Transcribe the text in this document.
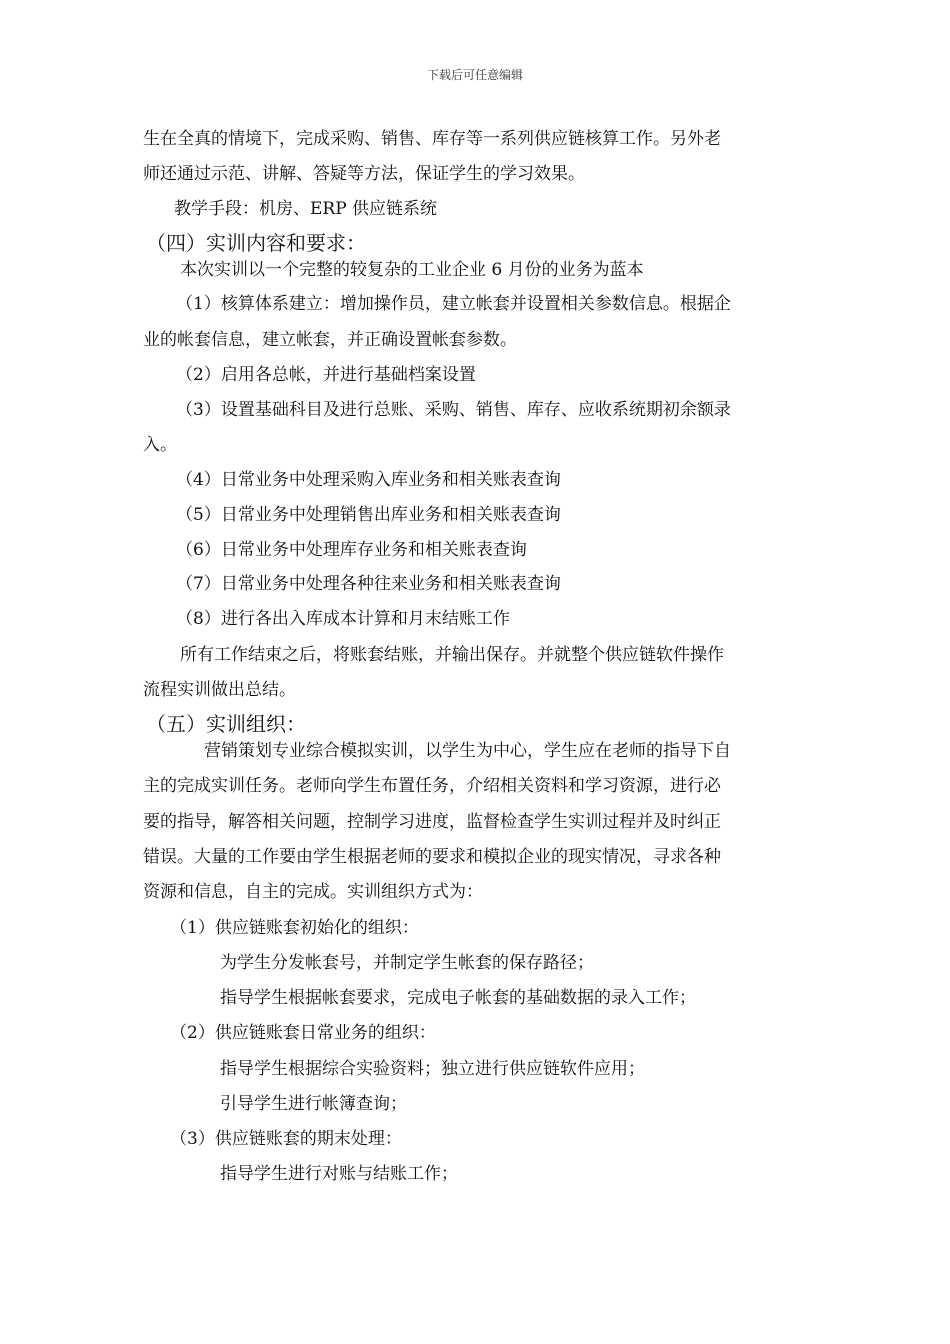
下载后可任意编辑
生在全真的情境下，完成采购、销售、库存等一系列供应链核算工作。另外老
师还通过示范、讲解、答疑等方法，保证学生的学习效果。
教学手段：机房、ERP 供应链系统
（四）实训内容和要求：
本次实训以一个完整的较复杂的工业企业 6 月份的业务为蓝本
（1）核算体系建立：增加操作员，建立帐套并设置相关参数信息。根据企
业的帐套信息，建立帐套，并正确设置帐套参数。
（2）启用各总帐，并进行基础档案设置
（3）设置基础科目及进行总账、采购、销售、库存、应收系统期初余额录
入。
（4）日常业务中处理采购入库业务和相关账表查询
（5）日常业务中处理销售出库业务和相关账表查询
（6）日常业务中处理库存业务和相关账表查询
（7）日常业务中处理各种往来业务和相关账表查询
（8）进行各出入库成本计算和月末结账工作
所有工作结束之后，将账套结账，并输出保存。并就整个供应链软件操作
流程实训做出总结。
（五）实训组织：
营销策划专业综合模拟实训，以学生为中心，学生应在老师的指导下自
主的完成实训任务。老师向学生布置任务，介绍相关资料和学习资源，进行必
要的指导，解答相关问题，控制学习进度，监督检查学生实训过程并及时纠正
错误。大量的工作要由学生根据老师的要求和模拟企业的现实情况，寻求各种
资源和信息，自主的完成。实训组织方式为：
（1）供应链账套初始化的组织：
为学生分发帐套号，并制定学生帐套的保存路径；
指导学生根据帐套要求，完成电子帐套的基础数据的录入工作；
（2）供应链账套日常业务的组织：
指导学生根据综合实验资料；独立进行供应链软件应用；
引导学生进行帐簿查询；
（3）供应链账套的期末处理：
指导学生进行对账与结账工作；
